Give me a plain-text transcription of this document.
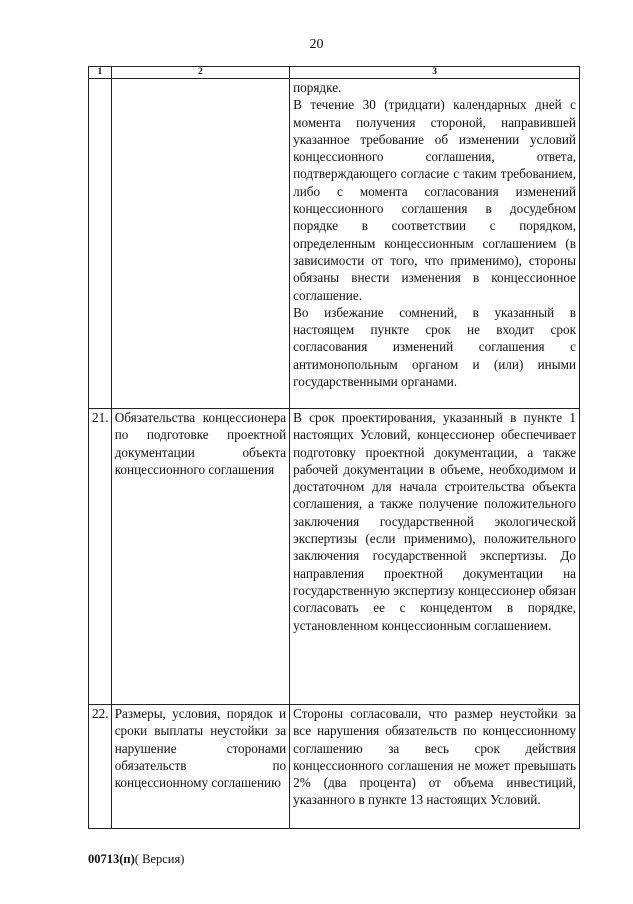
20
1	2	3

		порядке.
В течение 30 (тридцати) календарных дней с момента получения стороной, направившей указанное требование об изменении условий концессионного соглашения, ответа, подтверждающего согласие с таким требованием, либо с момента согласования изменений концессионного соглашения в досудебном порядке в соответствии с порядком, определенным концессионным соглашением (в зависимости от того, что применимо), стороны обязаны внести изменения в концессионное соглашение.
Во избежание сомнений, в указанный в настоящем пункте срок не входит срок согласования изменений соглашения с антимонопольным органом и (или) иными государственными органами.

21.	Обязательства концессионера по подготовке проектной документации объекта концессионного соглашения	В срок проектирования, указанный в пункте 1 настоящих Условий, концессионер обеспечивает подготовку проектной документации, а также рабочей документации в объеме, необходимом и достаточном для начала строительства объекта соглашения, а также получение положительного заключения государственной экологической экспертизы (если применимо), положительного заключения государственной экспертизы. До направления проектной документации на государственную экспертизу концессионер обязан согласовать ее с концедентом в порядке, установленном концессионным соглашением.

22.	Размеры, условия, порядок и сроки выплаты неустойки за нарушение сторонами обязательств по концессионному соглашению	Стороны согласовали, что размер неустойки за все нарушения обязательств по концессионному соглашению за весь срок действия концессионного соглашения не может превышать 2% (два процента) от объема инвестиций, указанного в пункте 13 настоящих Условий.
00713(п)( Версия)
